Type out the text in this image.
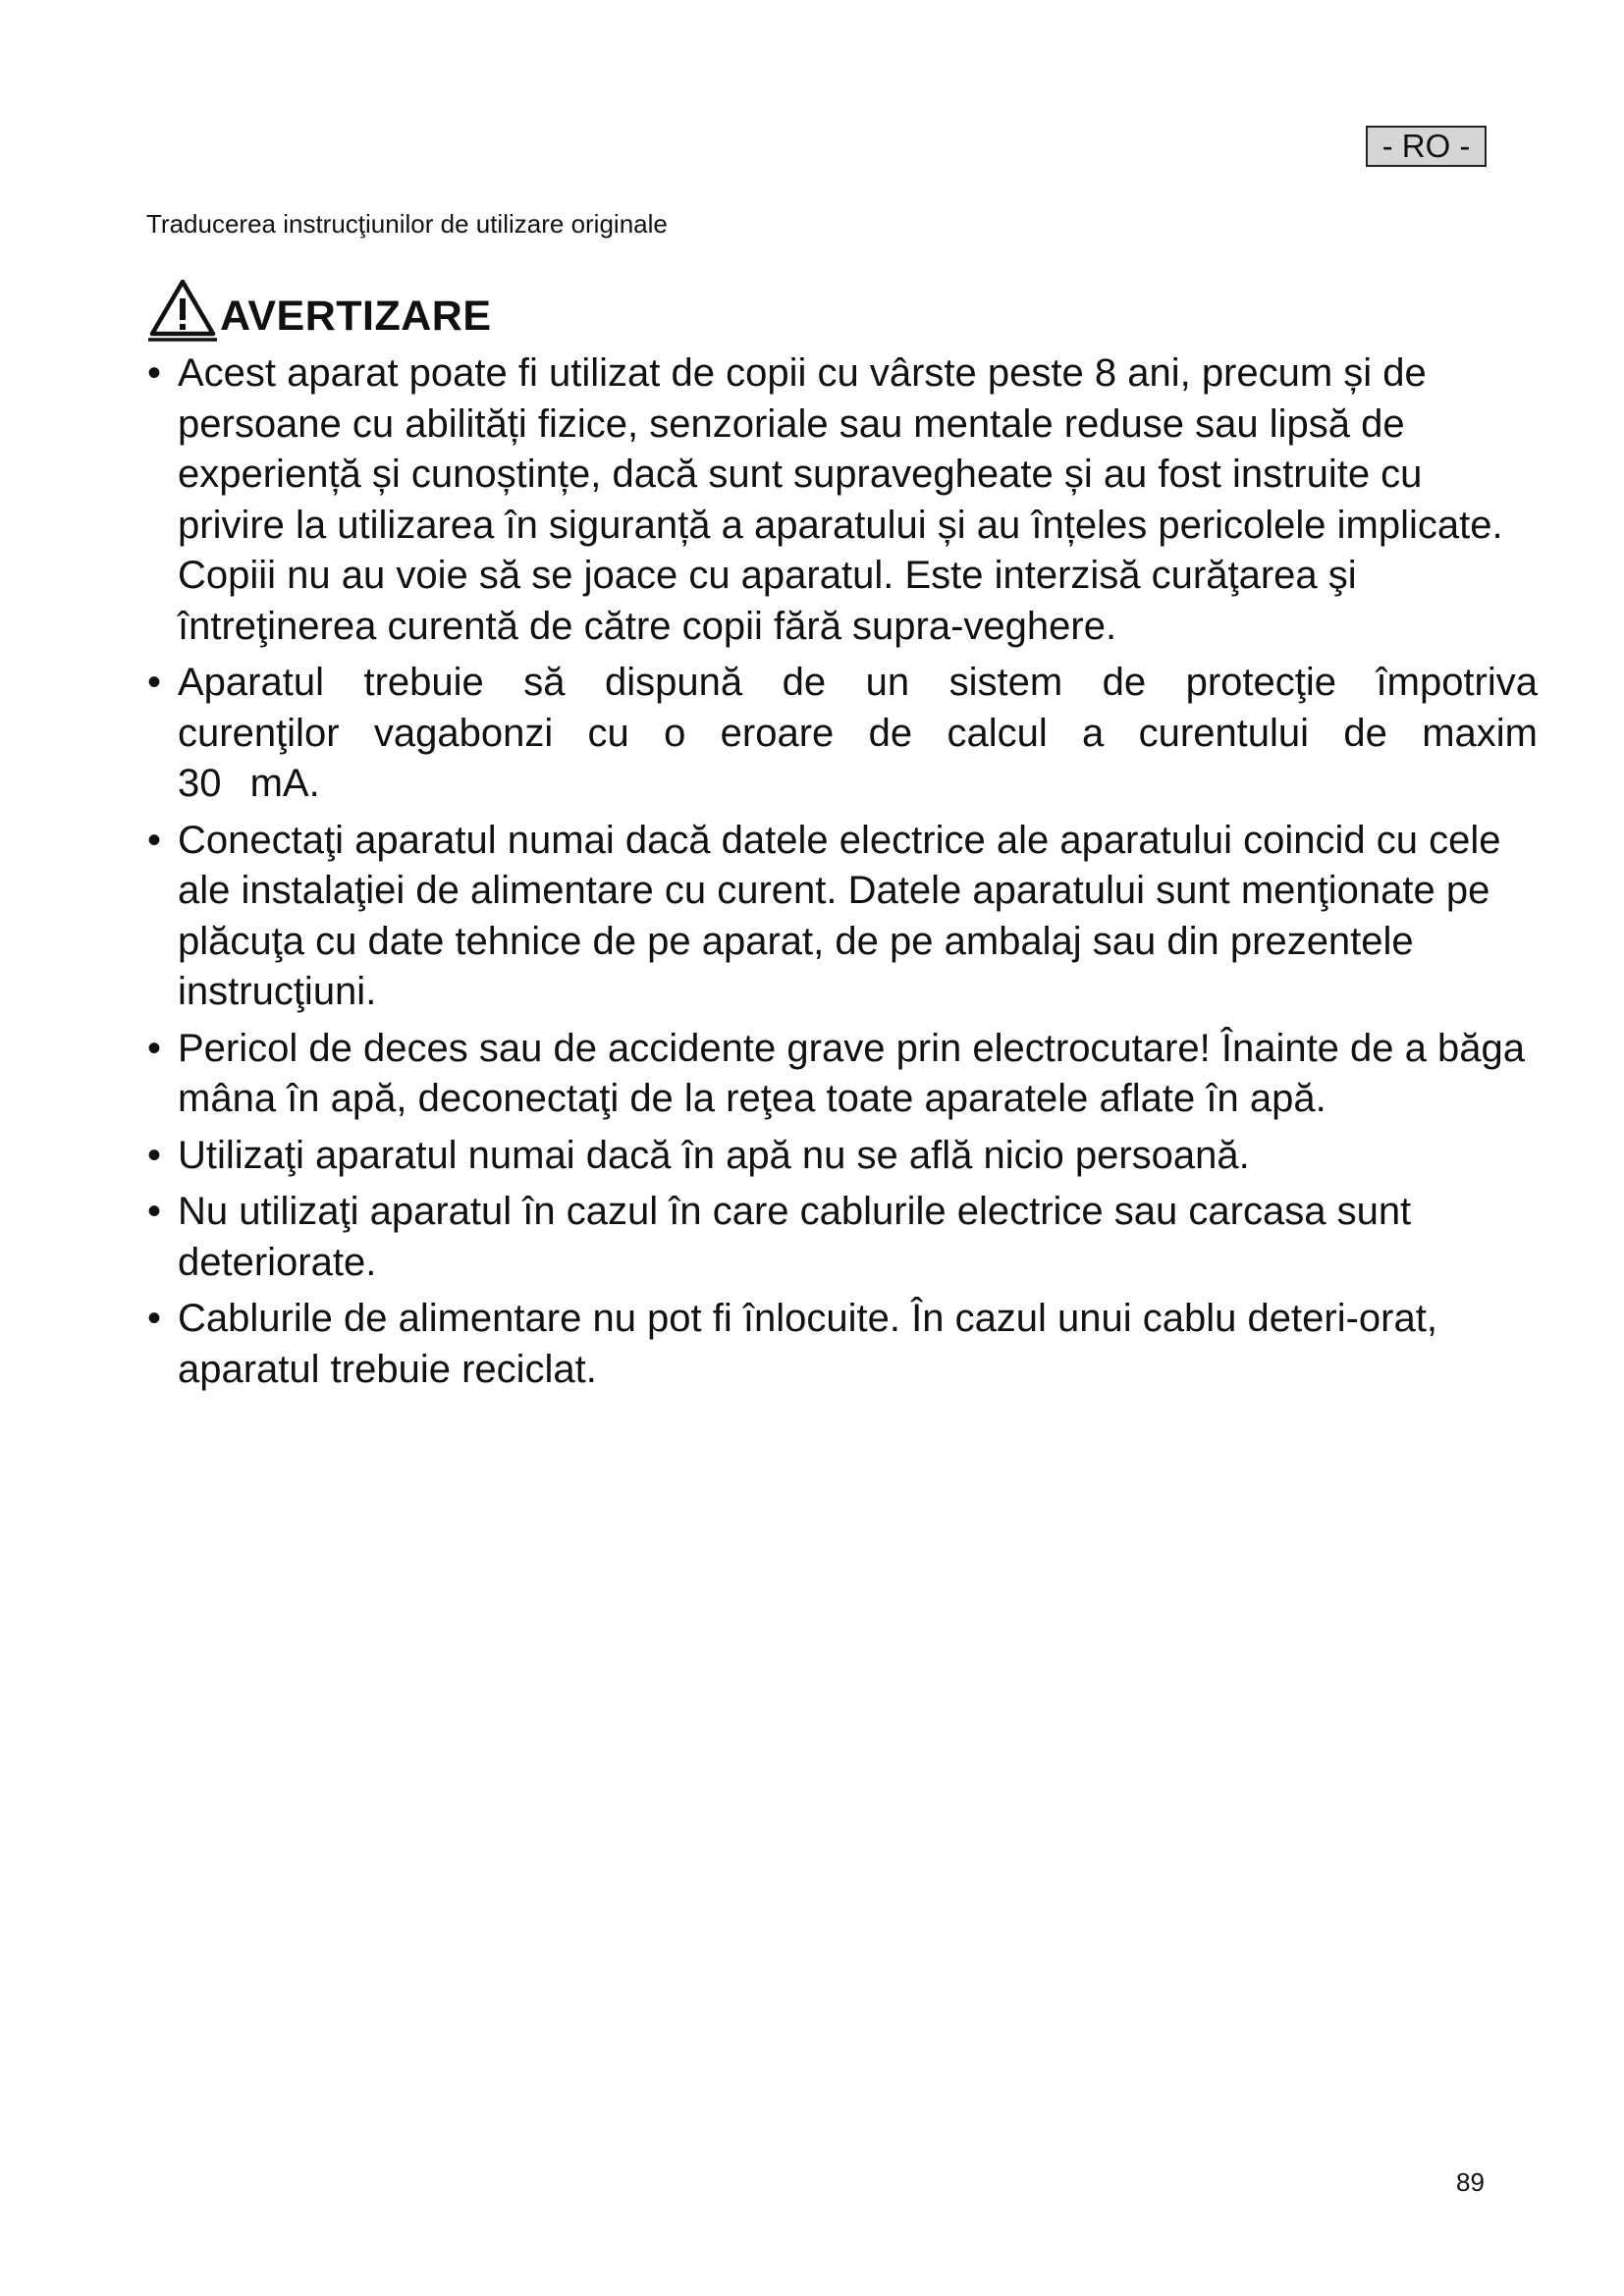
- RO -
Traducerea instrucţiunilor de utilizare originale
AVERTIZARE
• Acest aparat poate fi utilizat de copii cu vârste peste 8 ani, precum și de persoane cu abilități fizice, senzoriale sau mentale reduse sau lipsă de experiență și cunoștințe, dacă sunt supravegheate și au fost instruite cu privire la utilizarea în siguranță a aparatului și au înțeles pericolele implicate. Copiii nu au voie să se joace cu aparatul. Este interzisă curăţarea şi întreţinerea curentă de către copii fără supra-veghere.
• Aparatul trebuie să dispună de un sistem de protecţie împotriva curenţilor vagabonzi cu o eroare de calcul a curentului de maxim 30 mA.
• Conectaţi aparatul numai dacă datele electrice ale aparatului coincid cu cele ale instalaţiei de alimentare cu curent. Datele aparatului sunt menţionate pe plăcuţa cu date tehnice de pe aparat, de pe ambalaj sau din prezentele instrucţiuni.
• Pericol de deces sau de accidente grave prin electrocutare! Înainte de a băga mâna în apă, deconectaţi de la reţea toate aparatele aflate în apă.
• Utilizaţi aparatul numai dacă în apă nu se află nicio persoană.
• Nu utilizaţi aparatul în cazul în care cablurile electrice sau carcasa sunt deteriorate.
• Cablurile de alimentare nu pot fi înlocuite. În cazul unui cablu deteri-orat, aparatul trebuie reciclat.
89
